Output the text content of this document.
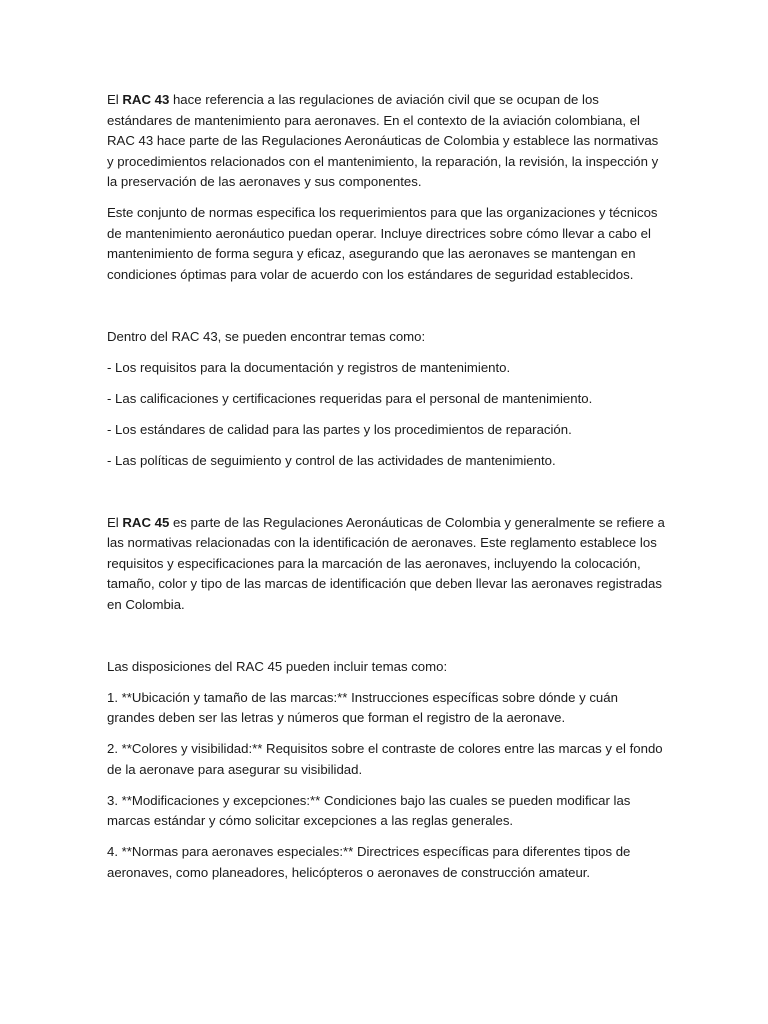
El RAC 43 hace referencia a las regulaciones de aviación civil que se ocupan de los estándares de mantenimiento para aeronaves. En el contexto de la aviación colombiana, el RAC 43 hace parte de las Regulaciones Aeronáuticas de Colombia y establece las normativas y procedimientos relacionados con el mantenimiento, la reparación, la revisión, la inspección y la preservación de las aeronaves y sus componentes.

Este conjunto de normas especifica los requerimientos para que las organizaciones y técnicos de mantenimiento aeronáutico puedan operar. Incluye directrices sobre cómo llevar a cabo el mantenimiento de forma segura y eficaz, asegurando que las aeronaves se mantengan en condiciones óptimas para volar de acuerdo con los estándares de seguridad establecidos.

Dentro del RAC 43, se pueden encontrar temas como:

- Los requisitos para la documentación y registros de mantenimiento.

- Las calificaciones y certificaciones requeridas para el personal de mantenimiento.

- Los estándares de calidad para las partes y los procedimientos de reparación.

- Las políticas de seguimiento y control de las actividades de mantenimiento.

El RAC 45 es parte de las Regulaciones Aeronáuticas de Colombia y generalmente se refiere a las normativas relacionadas con la identificación de aeronaves. Este reglamento establece los requisitos y especificaciones para la marcación de las aeronaves, incluyendo la colocación, tamaño, color y tipo de las marcas de identificación que deben llevar las aeronaves registradas en Colombia.

Las disposiciones del RAC 45 pueden incluir temas como:

1. **Ubicación y tamaño de las marcas:** Instrucciones específicas sobre dónde y cuán grandes deben ser las letras y números que forman el registro de la aeronave.

2. **Colores y visibilidad:** Requisitos sobre el contraste de colores entre las marcas y el fondo de la aeronave para asegurar su visibilidad.

3. **Modificaciones y excepciones:** Condiciones bajo las cuales se pueden modificar las marcas estándar y cómo solicitar excepciones a las reglas generales.

4. **Normas para aeronaves especiales:** Directrices específicas para diferentes tipos de aeronaves, como planeadores, helicópteros o aeronaves de construcción amateur.
